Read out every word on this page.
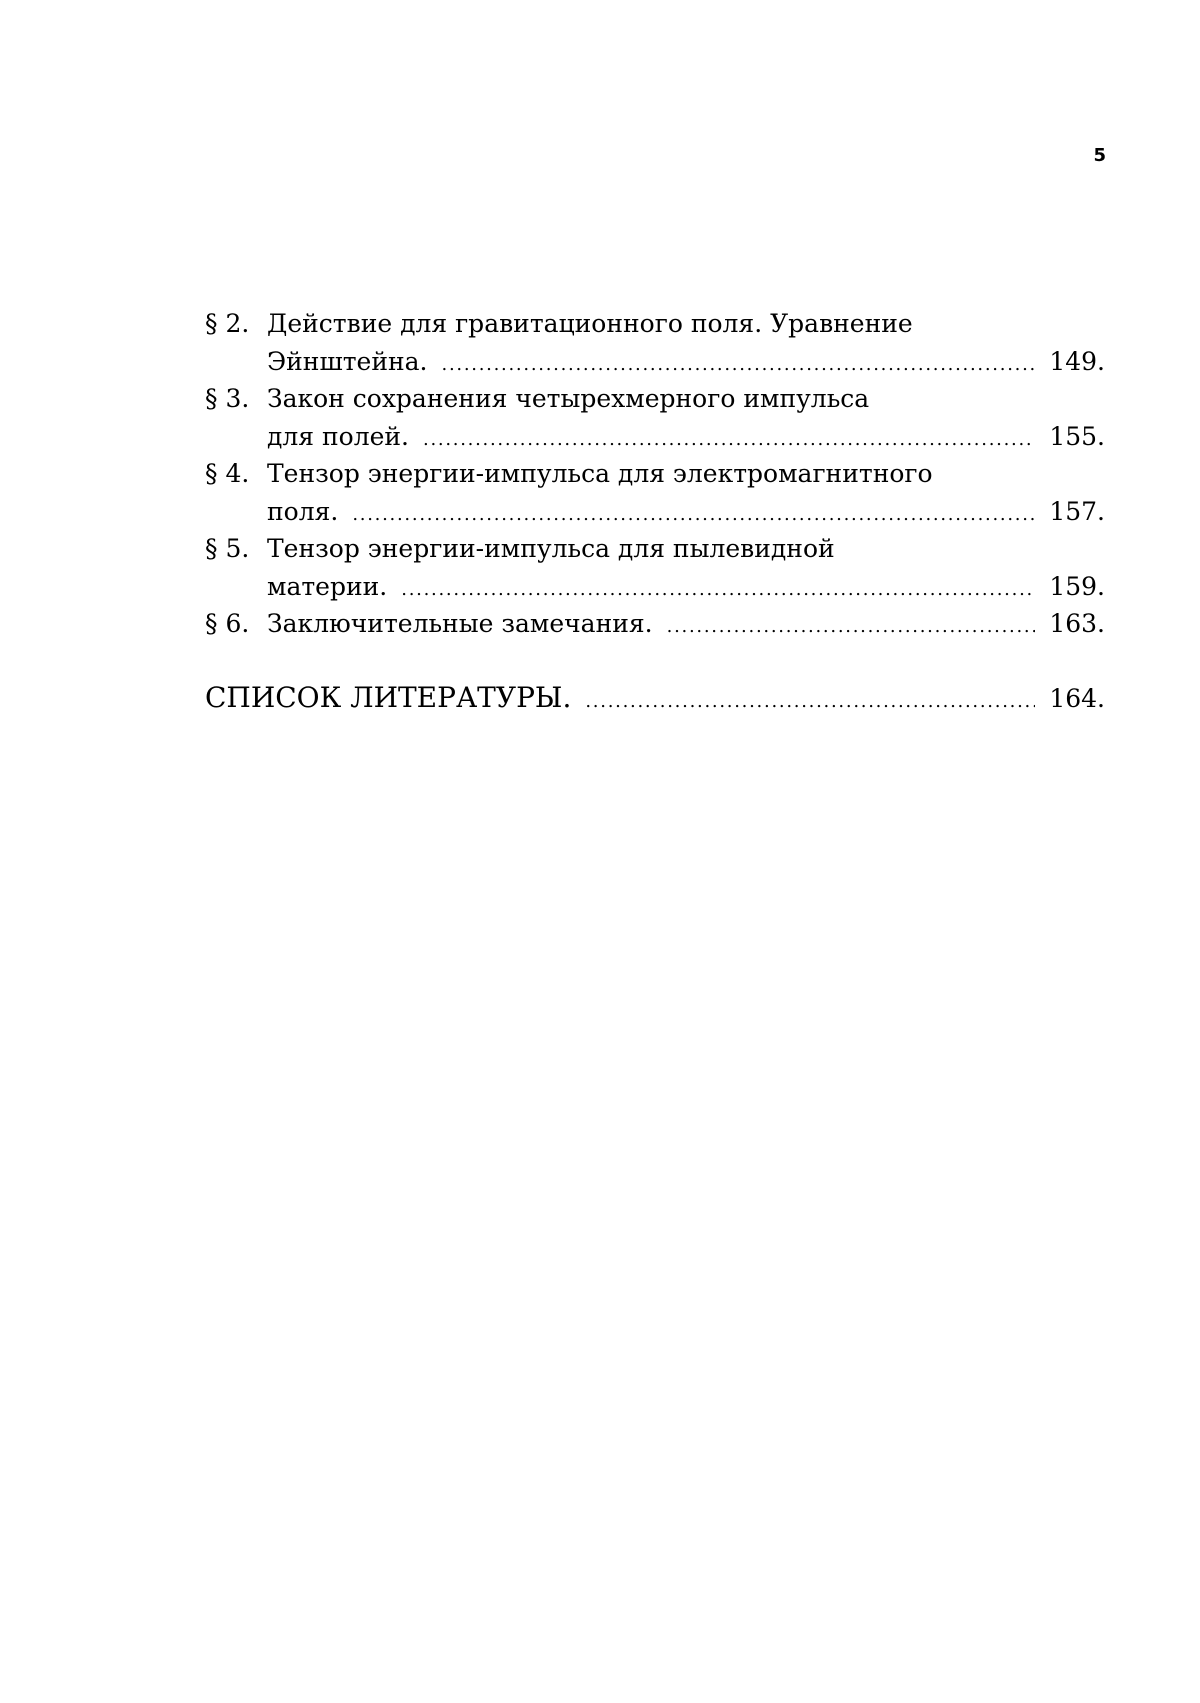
5
§ 2. Действие для гравитационного поля. Уравнение
Эйнштейна. . . .	149.
§ 3. Закон сохранения четырехмерного импульса
для полей. . . .	155.
§ 4. Тензор энергии-импульса для электромагнитного
поля. . . .	157.
§ 5. Тензор энергии-импульса для пылевидной
материи. . . .	159.
§ 6. Заключительные замечания. . . .	163.
СПИСОК ЛИТЕРАТУРЫ. . . .	164.
